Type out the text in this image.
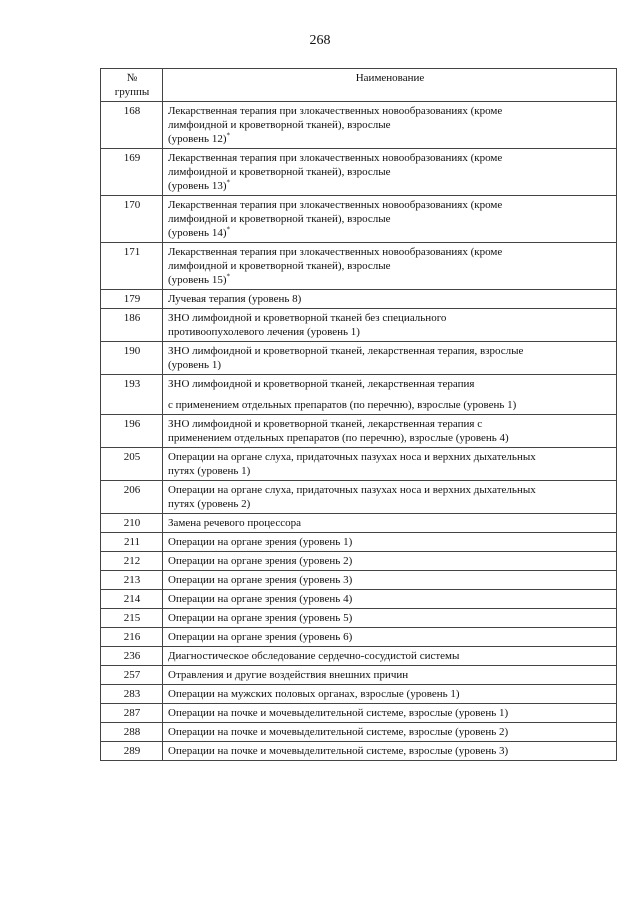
268
№
группы	Наименование
168	Лекарственная терапия при злокачественных новообразованиях (кроме
лимфоидной и кроветворной тканей), взрослые
(уровень 12)*

169	Лекарственная терапия при злокачественных новообразованиях (кроме
лимфоидной и кроветворной тканей), взрослые
(уровень 13)*

170	Лекарственная терапия при злокачественных новообразованиях (кроме
лимфоидной и кроветворной тканей), взрослые
(уровень 14)*

171	Лекарственная терапия при злокачественных новообразованиях (кроме
лимфоидной и кроветворной тканей), взрослые
(уровень 15)*

179	Лучевая терапия (уровень 8)

186	ЗНО лимфоидной и кроветворной тканей без специального
противоопухолевого лечения (уровень 1)

190	ЗНО лимфоидной и кроветворной тканей, лекарственная терапия, взрослые
(уровень 1)

193	ЗНО лимфоидной и кроветворной тканей, лекарственная терапия
с применением отдельных препаратов (по перечню), взрослые (уровень 1)

196	ЗНО лимфоидной и кроветворной тканей, лекарственная терапия с
применением отдельных препаратов (по перечню), взрослые (уровень 4)

205	Операции на органе слуха, придаточных пазухах носа и верхних дыхательных
путях (уровень 1)

206	Операции на органе слуха, придаточных пазухах носа и верхних дыхательных
путях (уровень 2)

210	Замена речевого процессора

211	Операции на органе зрения (уровень 1)

212	Операции на органе зрения (уровень 2)

213	Операции на органе зрения (уровень 3)

214	Операции на органе зрения (уровень 4)

215	Операции на органе зрения (уровень 5)

216	Операции на органе зрения (уровень 6)

236	Диагностическое обследование сердечно-сосудистой системы

257	Отравления и другие воздействия внешних причин

283	Операции на мужских половых органах, взрослые (уровень 1)

287	Операции на почке и мочевыделительной системе, взрослые (уровень 1)

288	Операции на почке и мочевыделительной системе, взрослые (уровень 2)

289	Операции на почке и мочевыделительной системе, взрослые (уровень 3)
